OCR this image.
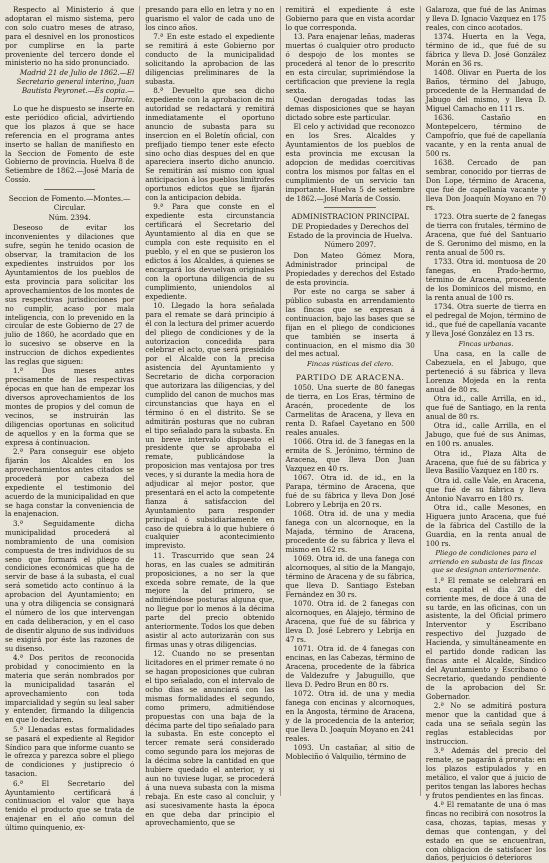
Respecto al Ministerio á que adoptaran el mismo sistema, pero con solo cuatro meses de atraso, para el desnivel en los pronosticos por cumplirse en la parte proveniente del tercero donde el ministerio no ha sido pronunciado.

Madrid 21 de Julio de 1862.—El Secretario general interino, Juan Bautista Peyronet.—Es copia.—Ibarrola.

Lo que he dispuesto se inserte en este periódico oficial, advirtiendo que los plazos á que se hace referencia en el programa antes inserto se hallan de manifiesto en la Seccion de Fomento de este Gobierno de provincia. Huelva 8 de Setiembre de 1862.—José María de Cossío.

Seccion de Fomento.—Montes.—Circular.

Núm. 2394.

Deseoso de evitar los inconvenientes y dilaciones que sufre, según he tenido ocasion de observar, la tramitacion de los expedientes instruidos por los Ayuntamientos de los pueblos de esta provincia para solicitar los aprovechamientos de los montes de sus respectivas jurisdicciones por no cumplir, acaso por mala inteligencia, con lo prevenido en la circular de este Gobierno de 27 de julio de 1860, he acordado que en lo sucesivo se observe en la instruccion de dichos expedientes las reglas que siguen:

1.ª Dos meses antes precisamente de las respectivas épocas en que han de empezar los diversos aprovechamientos de los montes de propios y del comun de vecinos, se instruirán las diligencias oportunas en solicitud de aquellos y en la forma que se expresa á continuacion.

2.ª Para conseguir ese objeto fijarán los Alcaldes en los aprovechamientos antes citados se procederá por cabeza del expediente el testimonio del acuerdo de la municipalidad en que se haga constar la conveniencia de la enajenacion.

3.ª Seguidamente dicha municipalidad procederá al nombramiento de una comision compuesta de tres individuos de su seno que formará el pliego de condiciones económicas que ha de servir de base á la subasta, el cual será sometido acto contínuo á la aprobacion del Ayuntamiento; en una y otra diligencia se consignará el número de los que intervengan en cada deliberacion, y en el caso de disentir alguno de sus individuos se exigirá por éste las razones de su disenso.

4.ª Dos peritos de reconocida probidad y conocimiento en la materia que serán nombrados por la municipalidad tasarán el aprovechamiento con toda imparcialidad y según su leal saber y entender, firmando la diligencia en que lo declaren.

5.ª Llenadas estas formalidades se pasará el expediente al Regidor Síndico para que informe cuanto se le ofrezca y parezca sobre el pliego de condiciones y justiprecio ó tasacion.

6.ª El Secretario del Ayuntamiento certificará á continuacion el valor que haya tenido el producto que se trata de enajenar en el año comun del último quinquenio, ex-

presando para ello en letra y no en guarismo el valor de cada uno de los cinco años.

7.ª En este estado el expediente se remitirá á este Gobierno por conducto de la municipalidad solicitando la aprobacion de las diligencias preliminares de la subasta.

8.ª Devuelto que sea dicho expediente con la aprobacion de mi autoridad se redactará y remitirá inmediatamente el oportuno anuncio de subasta para su insercion en el Boletín oficial, con prefijado tiempo tener este efecto sino ocho dias despues del en que apareciera inserto dicho anuncio. Se remitirán así mismo con igual anticipacion á los pueblos limítrofes oportunos edictos que se fijarán con la anticipacion debida.

9.ª Para que conste en el expediente esta circunstancia certificará el Secretario del Ayuntamiento al dia en que se cumpla con este requisito en el pueblo, y el en que se pusieron los edictos á los Alcaldes, á quienes se encargará los devuelvan originales con la oportuna diligencia de su cumplimiento, uniendolos al expediente.

10. Llegado la hora señalada para el remate se dará principio á él con la lectura del primer acuerdo del pliego de condiciones y de la autorizacion concedida para celebrar el acto, que será presidido por el Alcalde con la precisa asistencia del Ayuntamiento y Secretario de dicha corporacion que autorizara las diligencias, y del cumplido del canon de muchos mas circunstancias que haya en el término ó en el distrito. Se se admitirán posturas que no cubran el tipo señalado para la subasta. En un breve intervalo dispuesto el presidente que se aprobaba el remate, publicándose la proposicion mas ventajosa por tres veces, y si durante la media hora de adjudicar al mejor postor, que presentará en el acto la competente fianza á satisfaccion del Ayuntamiento para responder principal ó subsidiariamente en caso de quiebra á lo que hubiere ó cualquier acontecimiento imprevisto.

11. Trascurrido que sean 24 horas, en las cuales se admitirán proposiciones, a no ser la que exceda sobre remate, de la que mejore la del primero, se admitiéndose posturas alguna que, no llegue por lo menos á la décima parte del precio obtenido anteriormente. Todos los que deben asistir al acto autorizarán con sus firmas unas y otras diligencias.

12. Cuando no se presentan licitadores en el primer remate ó no se hagan proposiciones que cubran el tipo señalado, con el intervalo de ocho dias se anunciará con las mismas formalidades el segundo, como primero, admitiéndose propuestas con una baja de la décima parte del tipo señalado para la subasta. En este concepto el tercer remate será considerado como segundo para los mejoras de la décima sobre la cantidad en que hubiere quedado el anterior, y si aun no tuviese lugar, se procederá á una nueva subasta con la misma rebaja. En este caso al concluir, y así sucesivamente hasta la época en que deba dar principio el aprovechamiento, que se

remitirá el expediente á este Gobierno para que en vista acordar lo que corresponda.

13. Para enajenar leñas, maderas muertas ó cualquier otro producto ó despojo de los montes se procederá al tenor de lo prescrito en esta circular, suprimiéndose la certificacion que previene la regla sexta.

Quedan derogadas todas las demas disposiciones que se hayan dictado sobre este particular.

El celo y actividad que reconozco en los Sres. Alcaldes y Ayuntamientos de los pueblos de esta provincia me excusan la adopcion de medidas coercitivas contra los mismos por faltas en el cumplimiento de un servicio tan importante. Huelva 5 de setiembre de 1862.—José María de Cossío.

ADMINISTRACION PRINCIPAL DE Propiedades y Derechos del Estado de la provincia de Huelva.

Número 2097.

Don Mateo Gómez Mora, Administrador principal de Propiedades y derechos del Estado de esta provincia.

Por este no carga se saber á público subasta en arrendamiento las fincas que se expresan á continuacion, bajo las bases que se fijan en el pliego de condiciones que también se inserta á continuacion, en el mismo dia 30 del mes actual.

Fincas rústicas del clero.

PARTIDO DE ARACENA.

1050. Una suerte de 80 fanegas de tierra, en Los Eras, término de Aracén, procedente de los Carmelitas de Aracena, y lleva en renta D. Rafael Cayetano en 500 reales anuales.

1066. Otra id. de 3 fanegas en la ermita de S. Jerónimo, término de Aracena, que lleva Don Juan Vazquez en 40 rs.

1067. Otra id. de id., en la Parapa, término de Aracena, que fué de su fábrica y lleva Don José Lobrero y Lebrija en 20 rs.

1068. Otra id. de una y media fanega con un alcornoque, en la Majada, término de Aracena, procedente de su fábrica y lleva el mismo en 162 rs.

1069. Otra id. de una fanega con alcornoques, al sitio de la Mangajo, término de Aracena y de su fábrica, que lleva D. Santiago Esteban Fernández en 30 rs.

1070. Otra id. de 2 fanegas con alcornoques, en Alajejo, término de Aracena, que fué de su fábrica y lleva D. José Lebrero y Lebrija en 47 rs.

1071. Otra id. de 4 fanegas con encinas, en las Cabezas, término de Aracena, procedente de la fábrica de Valdezufre y Jabuguillo, que lleva D. Pedro Brun en 80 rs.

1072. Otra id. de una y media fanega con encinas y alcornoques, en la Angosta, término de Aracena, y de la procedencia de la anterior, que lleva D. Joaquín Moyano en 241 reales.

1093. Un castañar, al sitio de Mobleciño ó Valquilio, término de

Galaroza, que fué de las Animas y lleva D. Ignacio Vazquez en 175 reales, con cinco acotados.

1374. Huerta en la Vega, término de id., que fué de su fábrica y lleva D. José González Morán en 36 rs.

1408. Olivar en Puerta de los Baños, término del Jabugo, procedente de la Hermandad de Jabugo del mismo, y lleva D. Miguel Camacho en 111 rs.

1636. Castaño en Montepelcero, término de Campofrío, que fué de capellanía vacante, y en la renta anual de 500 rs.

1638. Cercado de pan sembrar, conocido por tierras de Don Lope, término de Aracena, que fué de capellanía vacante y lleva Don Joaquín Moyano en 70 rs.

1723. Otra suerte de 2 fanegas de tierra con frutales, término de Aracena, que fué del Santuario de S. Geronimo del mismo, en la renta anual de 500 rs.

1733. Otra id. montuosa de 20 fanegas, en Prado-hermo, término de Aracena, procedente de los Dominicos del mismo, en la renta anual de 100 rs.

1734. Otra suerte de tierra en el pedregal de Mojon, término de id., que fué de capellanía vacante y lleva José González en 13 rs.

Fincas urbanas.

Una casa, en la calle de Cabezuela, en el Jabugo, que perteneció á su fábrica y lleva Lorenza Mojeda en la renta anual de 80 rs.

Otra id., calle Arrilla, en id., que fué de Santiago, en la renta anual de 80 rs.

Otra id., calle Arrilla, en el Jabugo, que fué de sus Animas, en 100 rs. anuales.

Otra id., Plaza Alta de Aracena, que fué de su fábrica y lleva Basilio Vazquez en 180 rs.

Otra id. calle Vale, en Aracena, que fué de su fábrica y lleva Antonio Navarro en 180 rs.

Otra id., calle Mesones, en Higuera junto Aracena, que fué de la fábrica del Castillo de la Guardia, en la renta anual de 100 rs.

Pliego de condiciones para el arriendo en subasta de las fincas que se designan anteriormente.

1.ª El remate se celebrará en esta capital el dia 28 del corriente mes, de doce á una de su tarde, en las oficinas, con un asistente, la del Oficial primero Interventor y Escribano respectivo del Juzgado de Hacienda, y simultáneamente en el partido donde radican las fincas ante el Alcalde, Síndico del Ayuntamiento y Escribano ó Secretario, quedando pendiente de la aprobacion del Sr. Gobernador.

2.ª No se admitirá postura menor que la cantidad que á cada una se señala según las reglas establecidas por instruccion.

3.ª Además del precio del remate, se pagarán á prorata: en los plazos estipulados y en metálico, el valor que á juicio de peritos tengan las labores hechas y frutos pendientes en las fincas.

4.ª El rematante de una ó mas fincas no recibirá con nosotros la casa, chozas, tapias, mesas y demas que contengan, y del estado en que se encuentran, con obligacion de satisfacer los daños, perjuicios ó deterioros
